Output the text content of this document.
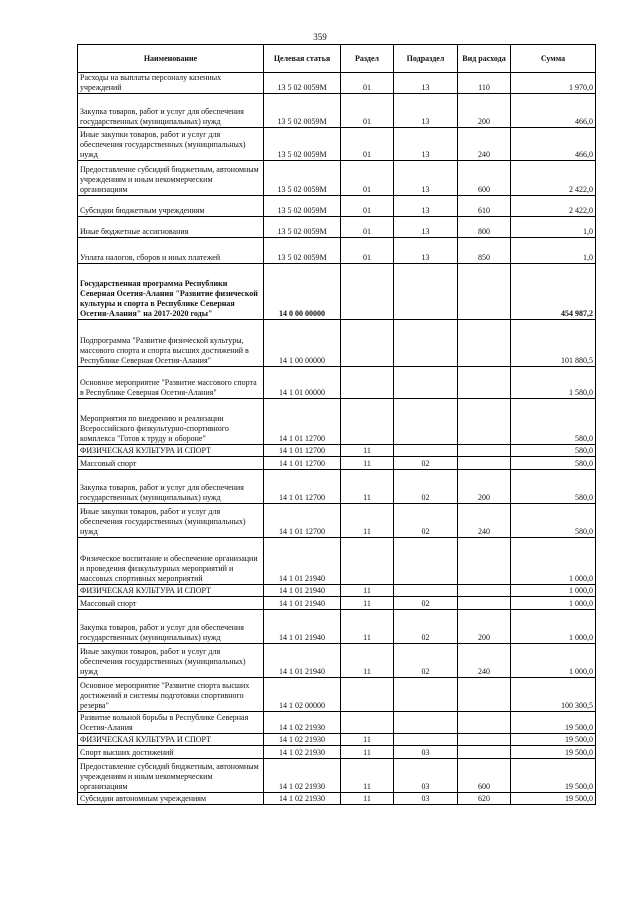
359
Наименование	Целевая статья	Раздел	Подраздел	Вид расхода	Сумма
Расходы на выплаты персоналу казенных учреждений	13 5 02 0059М	01	13	110	1 970,0
Закупка товаров, работ и услуг для обеспечения государственных (муниципальных) нужд	13 5 02 0059М	01	13	200	466,0
Иные закупки товаров, работ и услуг для обеспечения государственных (муниципальных) нужд	13 5 02 0059М	01	13	240	466,0
Предоставление субсидий бюджетным, автономным учреждениям и иным некоммерческим организациям	13 5 02 0059М	01	13	600	2 422,0
Субсидии бюджетным учреждениям	13 5 02 0059М	01	13	610	2 422,0
Иные бюджетные ассигнования	13 5 02 0059М	01	13	800	1,0
Уплата налогов, сборов и иных платежей	13 5 02 0059М	01	13	850	1,0
Государственная программа Республики Северная Осетия-Алания "Развитие физической культуры и спорта в Республике Северная Осетия-Алания" на 2017-2020 годы"	14 0 00 00000				454 987,2
Подпрограмма "Развитие физической культуры, массового спорта и спорта высших достижений в Республике Северная Осетия-Алания"	14 1 00 00000				101 880,5
Основное мероприятие "Развитие массового спорта в Республике Северная Осетия-Алания"	14 1 01 00000				1 580,0
Мероприятия по внедрению и реализации Всероссийского физкультурно-спортивного комплекса "Готов к труду и обороне"	14 1 01 12700				580,0
ФИЗИЧЕСКАЯ КУЛЬТУРА И СПОРТ	14 1 01 12700	11			580,0
Массовый спорт	14 1 01 12700	11	02		580,0
Закупка товаров, работ и услуг для обеспечения государственных (муниципальных) нужд	14 1 01 12700	11	02	200	580,0
Иные закупки товаров, работ и услуг для обеспечения государственных (муниципальных) нужд	14 1 01 12700	11	02	240	580,0
Физическое воспитание и обеспечение организации и проведения физкультурных мероприятий и массовых спортивных мероприятий	14 1 01 21940				1 000,0
ФИЗИЧЕСКАЯ КУЛЬТУРА И СПОРТ	14 1 01 21940	11			1 000,0
Массовый спорт	14 1 01 21940	11	02		1 000,0
Закупка товаров, работ и услуг для обеспечения государственных (муниципальных) нужд	14 1 01 21940	11	02	200	1 000,0
Иные закупки товаров, работ и услуг для обеспечения государственных (муниципальных) нужд	14 1 01 21940	11	02	240	1 000,0
Основное мероприятие "Развитие спорта высших достижений и системы подготовки спортивного резерва"	14 1 02 00000				100 300,5
Развитие вольной борьбы в Республике Северная Осетия-Алания	14 1 02 21930				19 500,0
ФИЗИЧЕСКАЯ КУЛЬТУРА И СПОРТ	14 1 02 21930	11			19 500,0
Спорт высших достижений	14 1 02 21930	11	03		19 500,0
Предоставление субсидий бюджетным, автономным учреждениям и иным некоммерческим организациям	14 1 02 21930	11	03	600	19 500,0
Субсидии автономным учреждениям	14 1 02 21930	11	03	620	19 500,0
